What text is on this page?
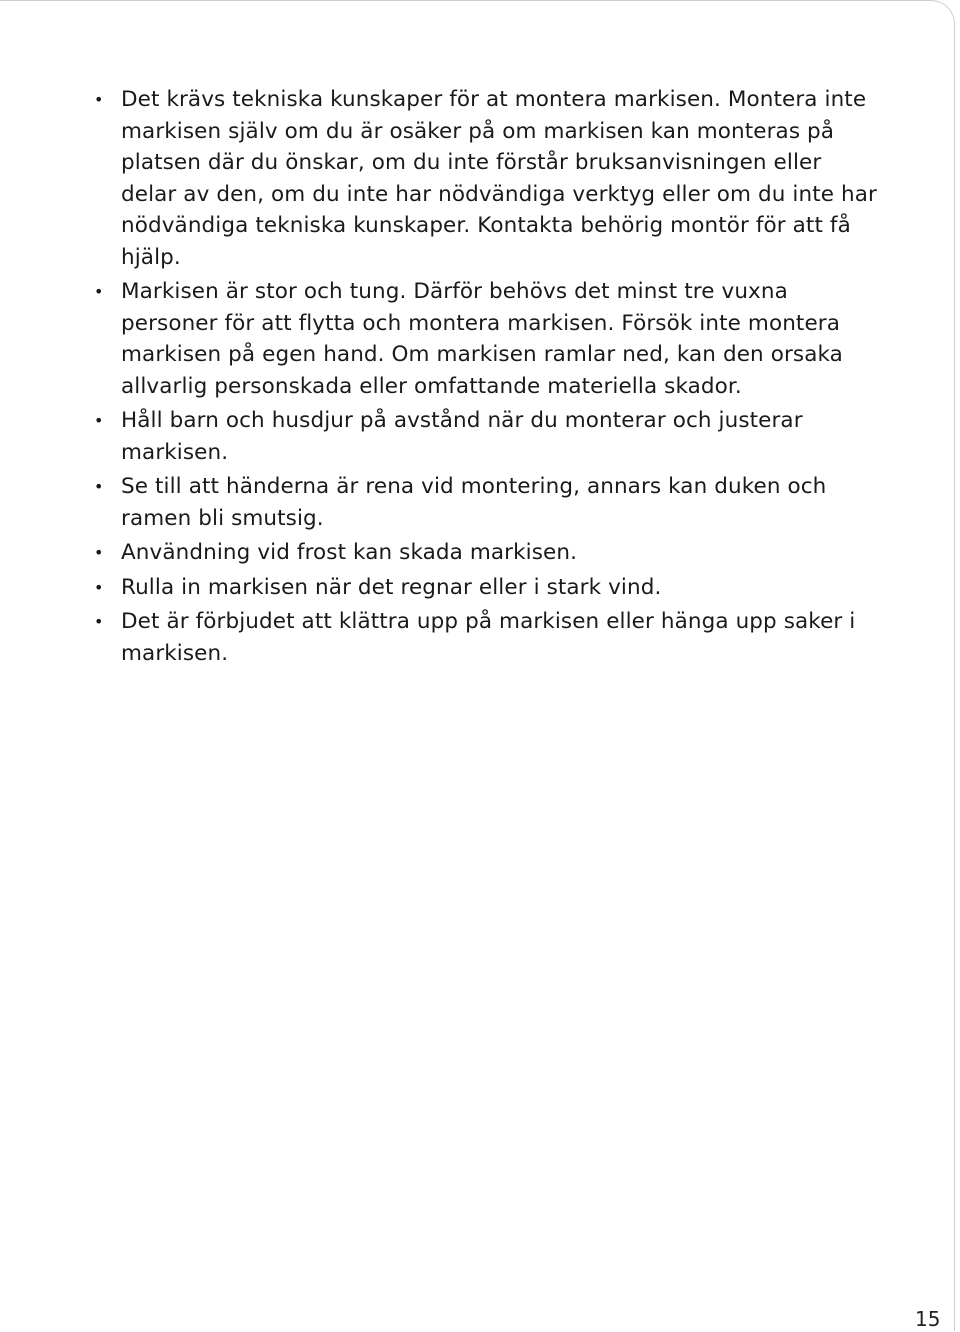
• Det krävs tekniska kunskaper för at montera markisen. Montera inte markisen själv om du är osäker på om markisen kan monteras på platsen där du önskar, om du inte förstår bruksanvisningen eller delar av den, om du inte har nödvändiga verktyg eller om du inte har nödvändiga tekniska kunskaper. Kontakta behörig montör för att få hjälp.
• Markisen är stor och tung. Därför behövs det minst tre vuxna personer för att flytta och montera markisen. Försök inte montera markisen på egen hand. Om markisen ramlar ned, kan den orsaka allvarlig personskada eller omfattande materiella skador.
• Håll barn och husdjur på avstånd när du monterar och justerar markisen.
• Se till att händerna är rena vid montering, annars kan duken och ramen bli smutsig.
• Användning vid frost kan skada markisen.
• Rulla in markisen när det regnar eller i stark vind.
• Det är förbjudet att klättra upp på markisen eller hänga upp saker i markisen.
15
